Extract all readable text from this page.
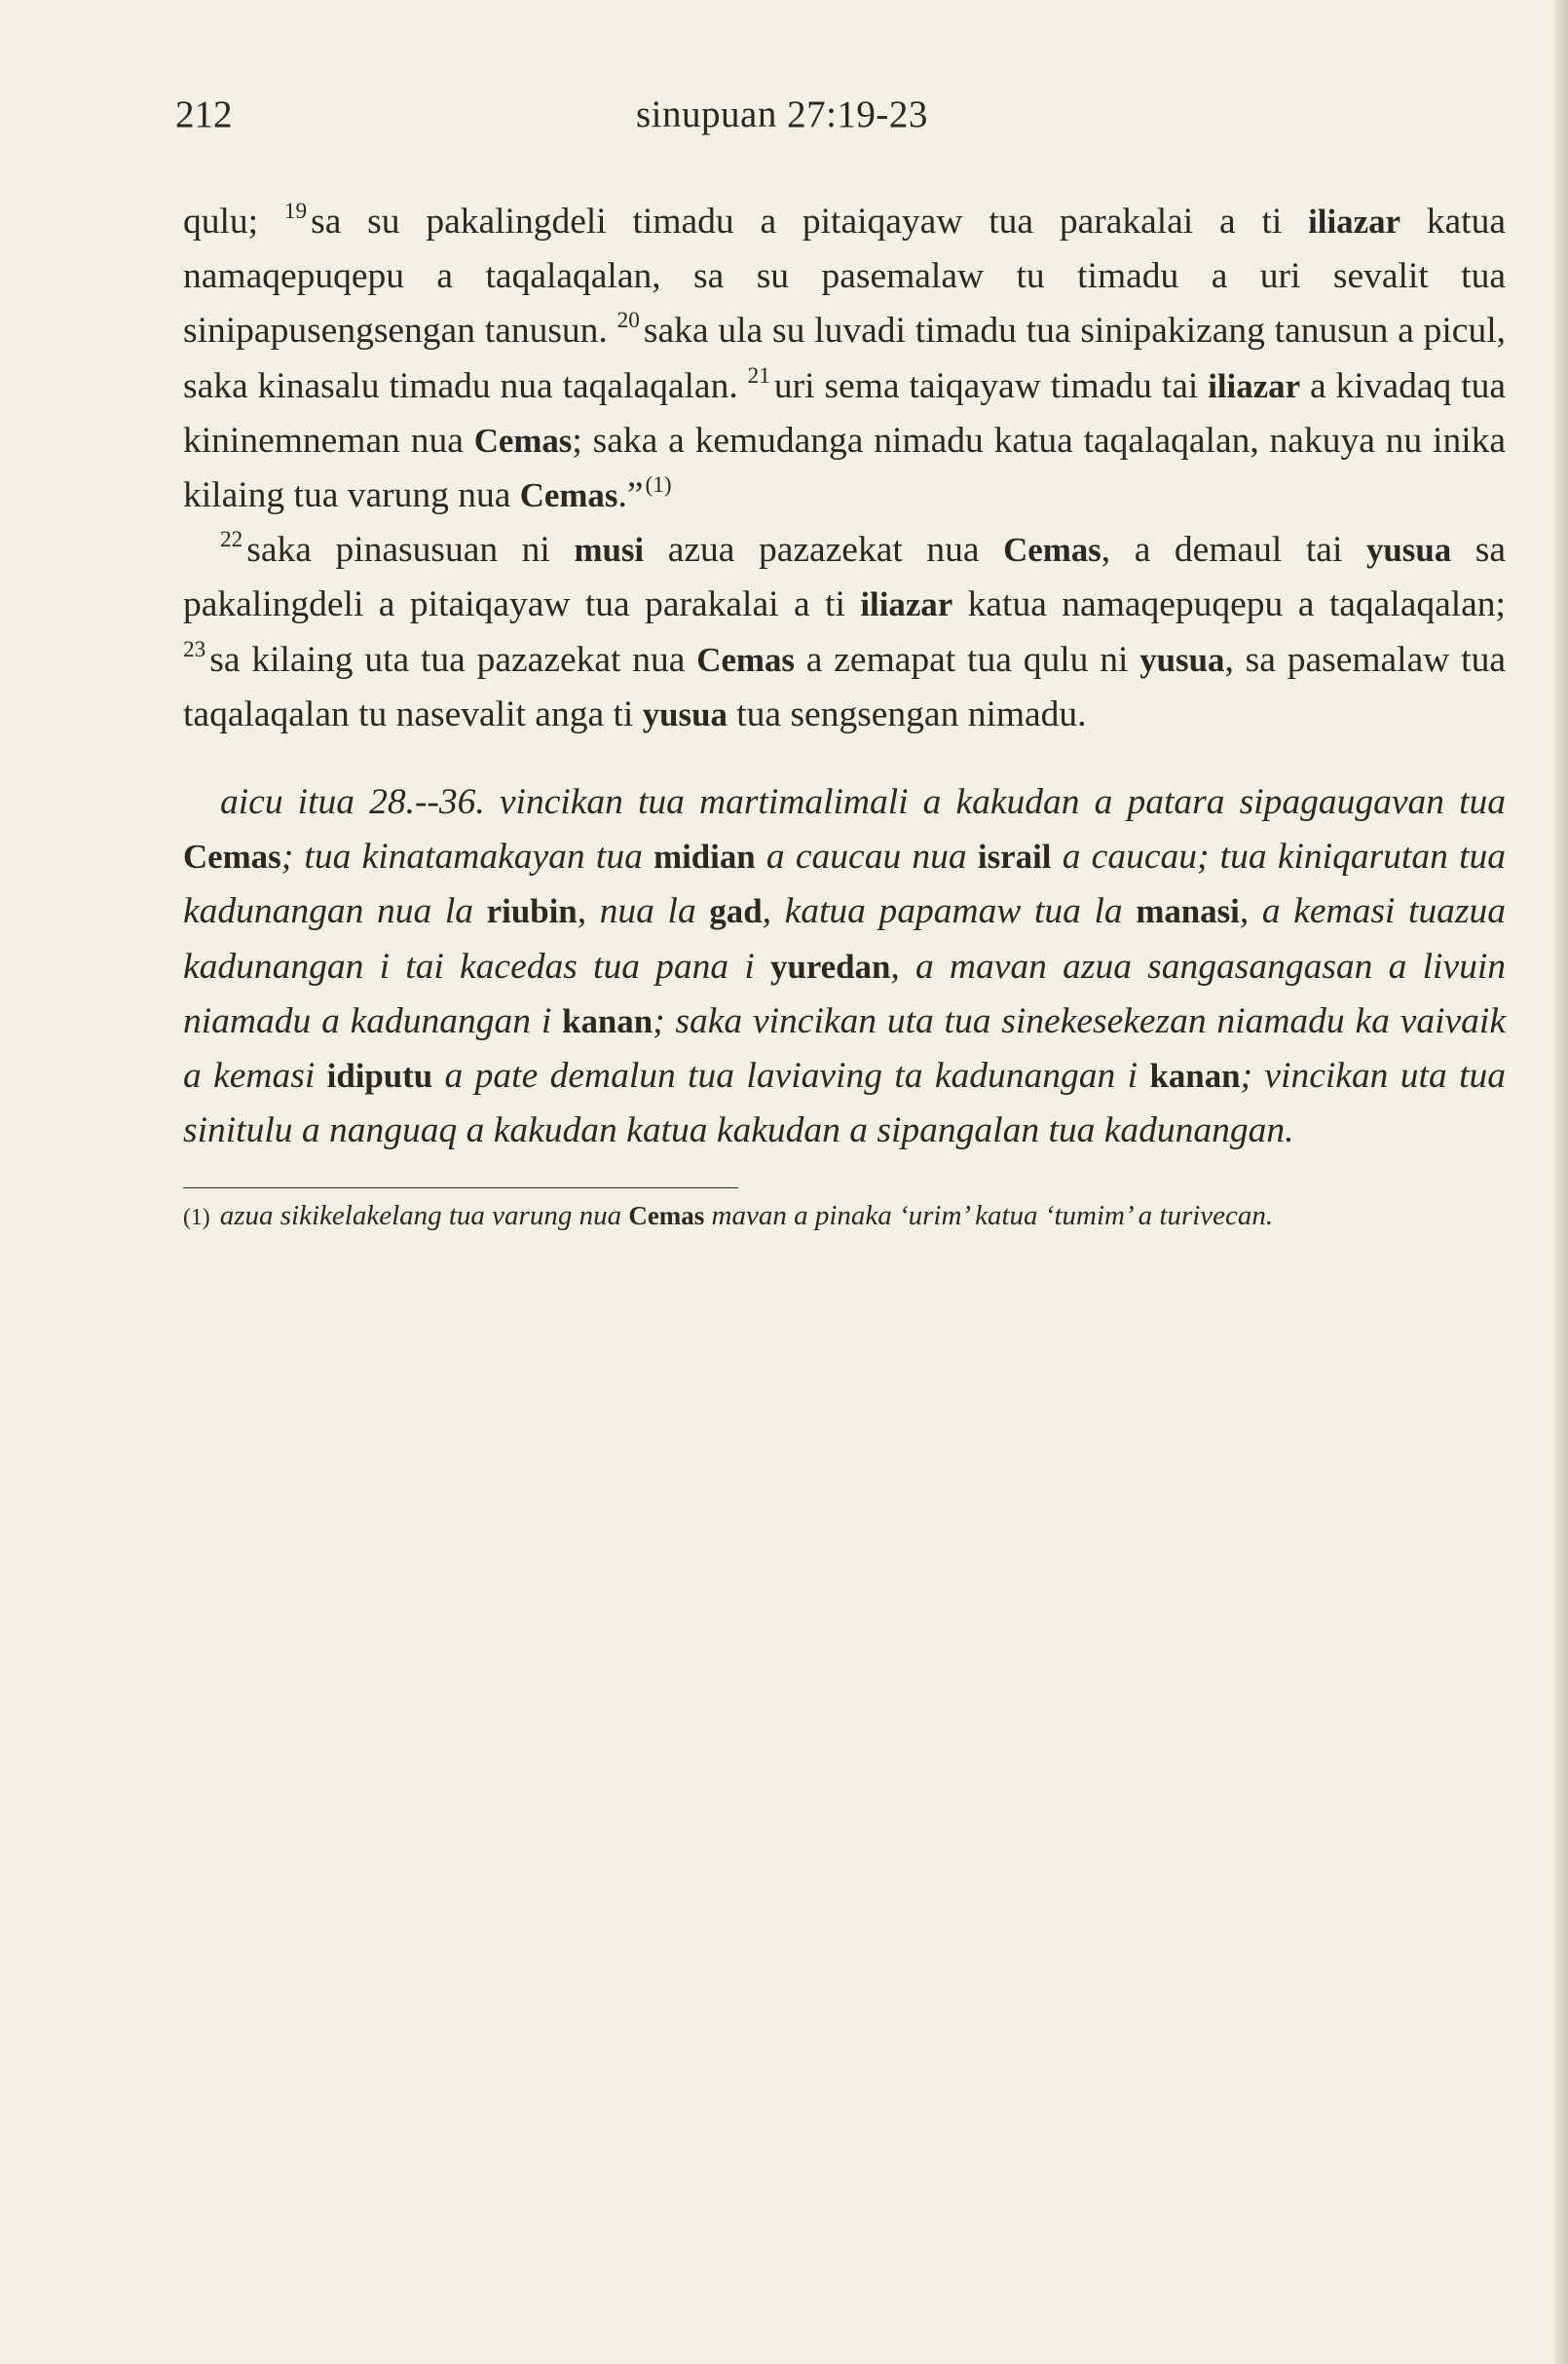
212	sinupuan 27:19-23

qulu; $^{19}$ sa su pakalingdeli timadu a pitaiqayaw tua parakalai a ti iliazar katua namaqepuqepu a taqalaqalan, sa su pasemalaw tu timadu a uri sevalit tua sinipapusengsengan tanusun. $^{20}$ saka ula su luvadi timadu tua sinipakizang tanusun a picul, saka kinasalu timadu nua taqalaqalan. $^{21}$ uri sema taiqayaw timadu tai iliazar a kivadaq tua kininemneman nua Cemas; saka a kemudanga nimadu katua taqalaqalan, nakuya nu inika kilaing tua varung nua Cemas.”$^{(1)}$

$^{22}$ saka pinasusuan ni musi azua pazazekat nua Cemas, a demaul tai yusua sa pakalingdeli a pitaiqayaw tua parakalai a ti iliazar katua namaqepuqepu a taqalaqalan; $^{23}$ sa kilaing uta tua pazazekat nua Cemas a zemapat tua qulu ni yusua, sa pasemalaw tua taqalaqalan tu nasevalit anga ti yusua tua sengsengan nimadu.

aicu itua 28.--36. vincikan tua martimalimali a kakudan a patara sipagaugavan tua Cemas; tua kinatamakayan tua midian a caucau nua israil a caucau; tua kiniqarutan tua kadunangan nua la riubin, nua la gad, katua papamaw tua la manasi, a kemasi tuazua kadunangan i tai kacedas tua pana i yuredan, a mavan azua sangasangasan a livuin niamadu a kadunangan i kanan; saka vincikan uta tua sinekesekezan niamadu ka vaivaik a kemasi idiputu a pate demalun tua laviaving ta kadunangan i kanan; vincikan uta tua sinitulu a nanguaq a kakudan katua kakudan a sipangalan tua kadunangan.
(1) azua sikikelakelang tua varung nua Cemas mavan a pinaka ‘urim’ katua ‘tumim’ a turivecan.
